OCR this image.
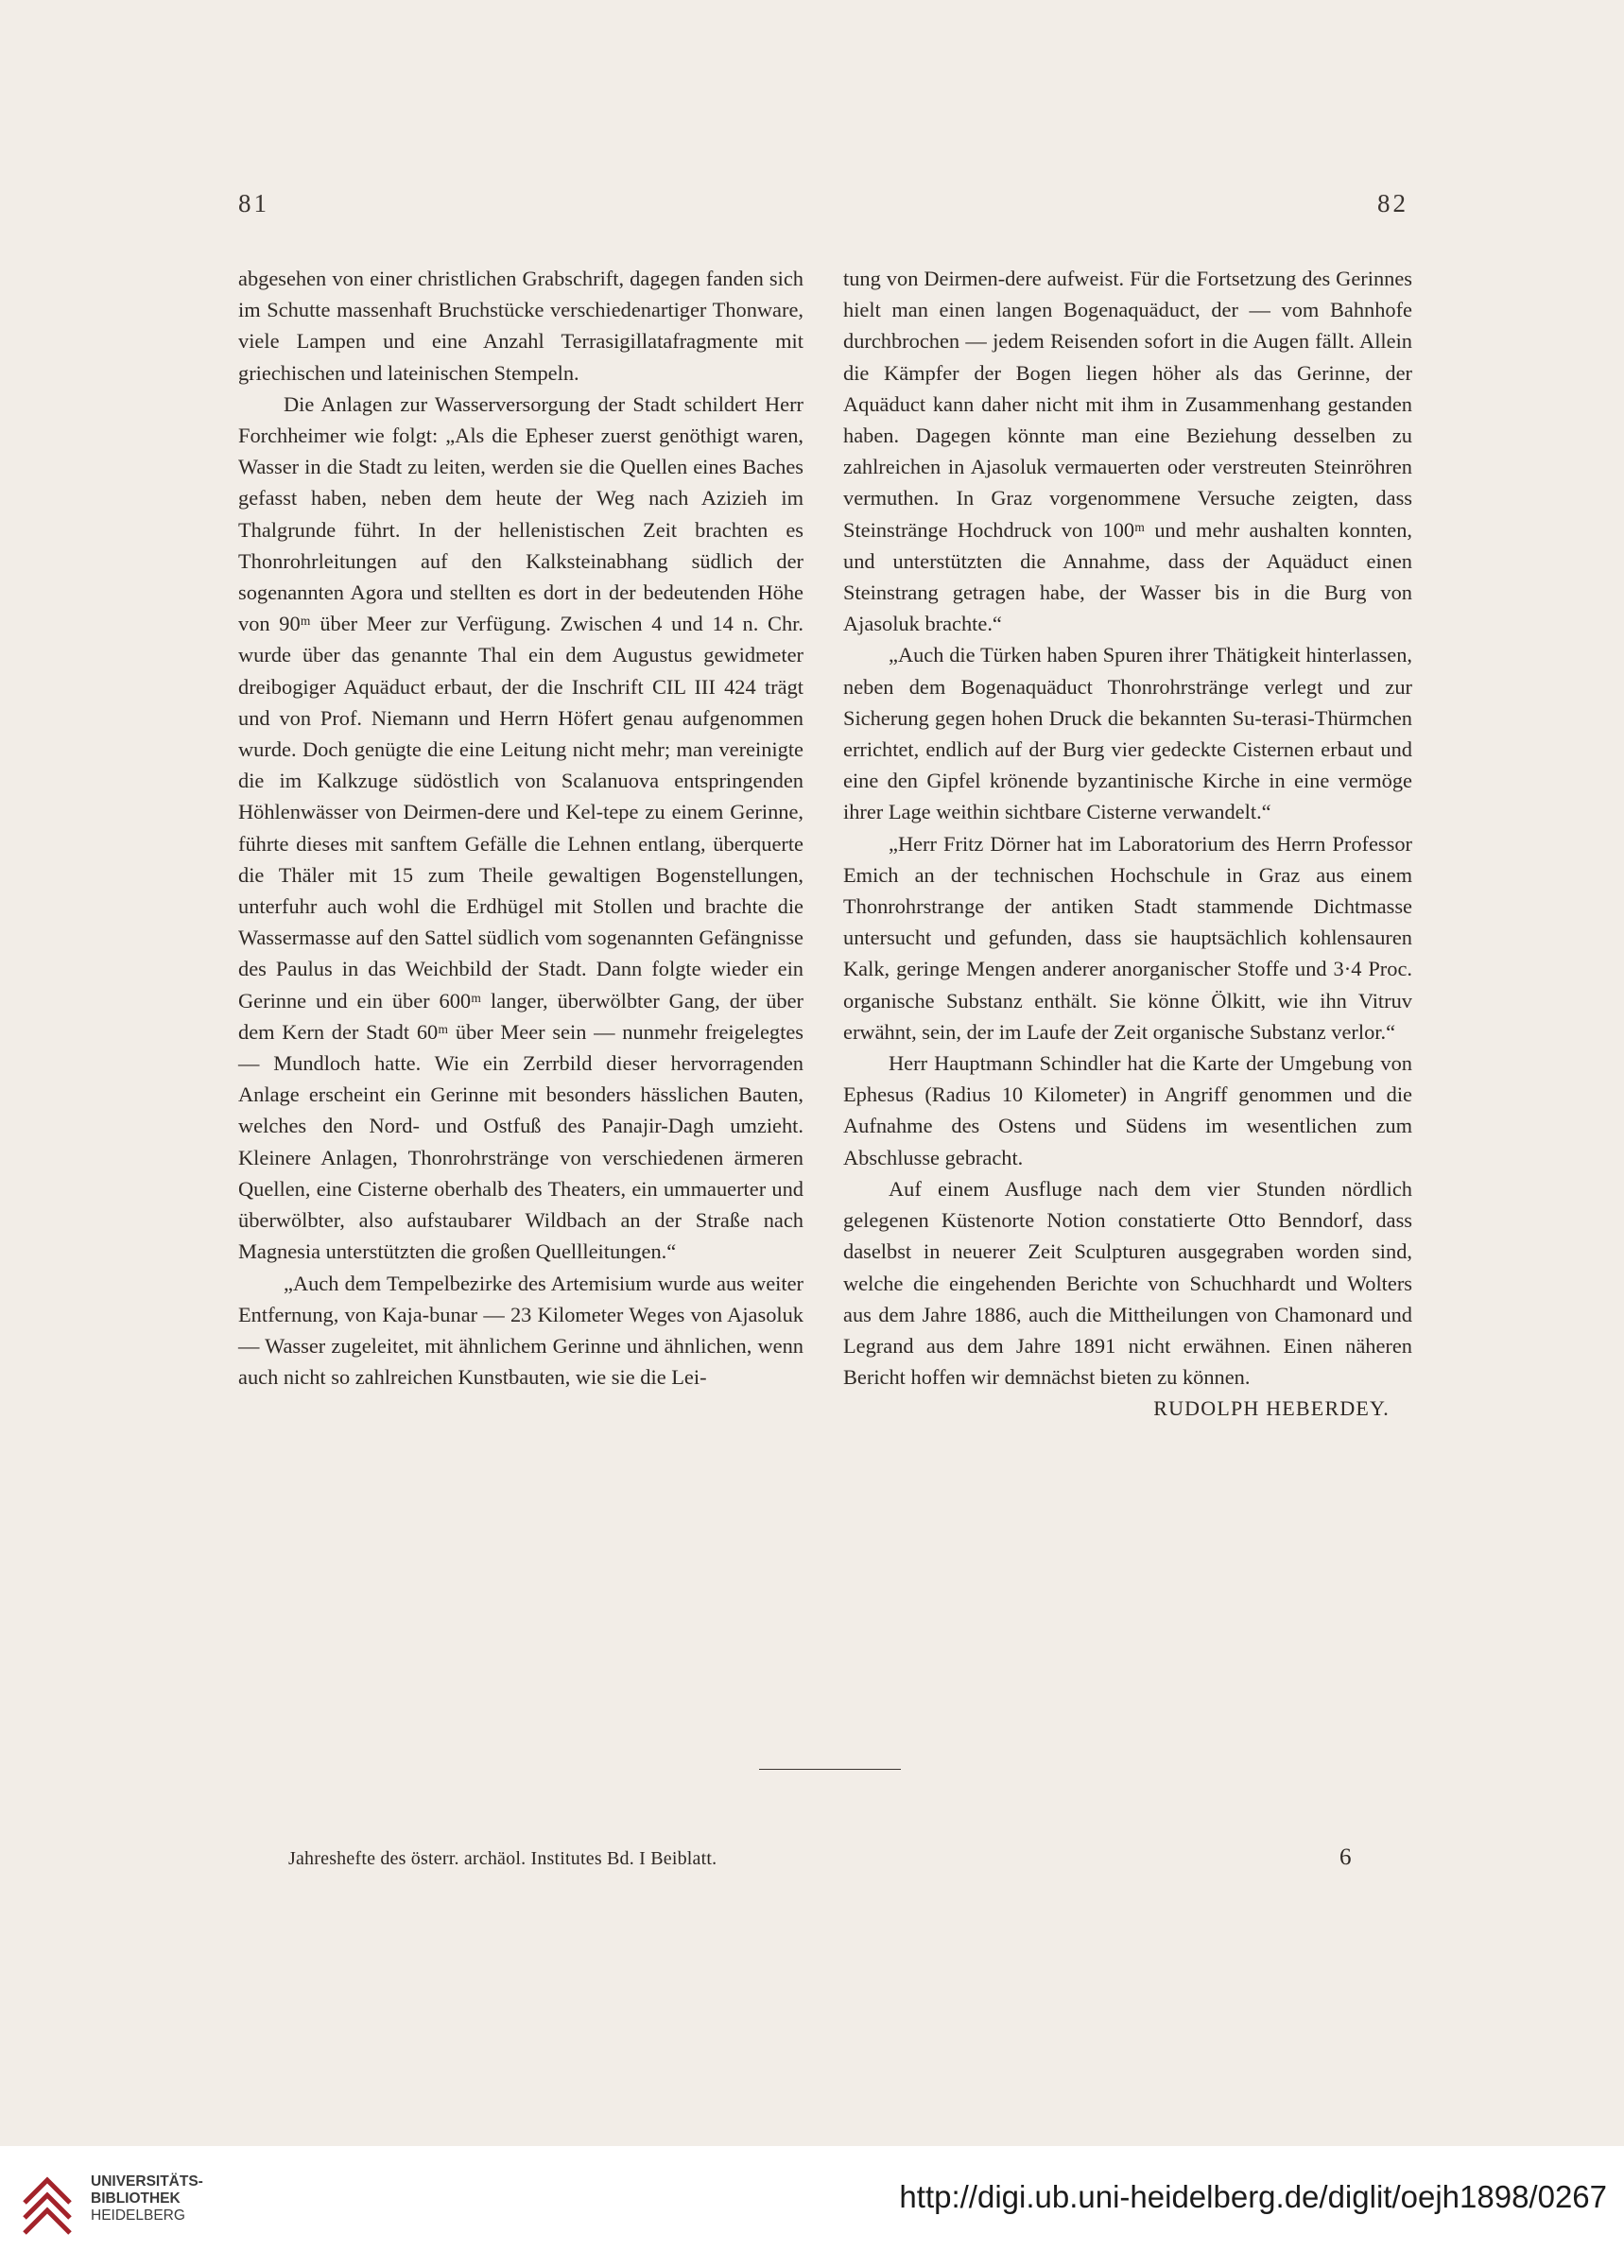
81	82

abgesehen von einer christlichen Grabschrift, dagegen fanden sich im Schutte massenhaft Bruchstücke verschiedenartiger Thonware, viele Lampen und eine Anzahl Terrasigillatafragmente mit griechischen und lateinischen Stempeln.

Die Anlagen zur Wasserversorgung der Stadt schildert Herr Forchheimer wie folgt: „Als die Epheser zuerst genöthigt waren, Wasser in die Stadt zu leiten, werden sie die Quellen eines Baches gefasst haben, neben dem heute der Weg nach Azizieh im Thalgrunde führt. In der hellenistischen Zeit brachten es Thonrohrleitungen auf den Kalksteinabhang südlich der sogenannten Agora und stellten es dort in der bedeutenden Höhe von 90ᵐ über Meer zur Verfügung. Zwischen 4 und 14 n. Chr. wurde über das genannte Thal ein dem Augustus gewidmeter dreibogiger Aquäduct erbaut, der die Inschrift CIL III 424 trägt und von Prof. Niemann und Herrn Höfert genau aufgenommen wurde. Doch genügte die eine Leitung nicht mehr; man vereinigte die im Kalkzuge südöstlich von Scalanuova entspringenden Höhlenwässer von Deirmen-dere und Kel-tepe zu einem Gerinne, führte dieses mit sanftem Gefälle die Lehnen entlang, überquerte die Thäler mit 15 zum Theile gewaltigen Bogenstellungen, unterfuhr auch wohl die Erdhügel mit Stollen und brachte die Wassermasse auf den Sattel südlich vom sogenannten Gefängnisse des Paulus in das Weichbild der Stadt. Dann folgte wieder ein Gerinne und ein über 600ᵐ langer, überwölbter Gang, der über dem Kern der Stadt 60ᵐ über Meer sein — nunmehr freigelegtes — Mundloch hatte. Wie ein Zerrbild dieser hervorragenden Anlage erscheint ein Gerinne mit besonders hässlichen Bauten, welches den Nord- und Ostfuß des Panajir-Dagh umzieht. Kleinere Anlagen, Thonrohrstränge von verschiedenen ärmeren Quellen, eine Cisterne oberhalb des Theaters, ein ummauerter und überwölbter, also aufstaubarer Wildbach an der Straße nach Magnesia unterstützten die großen Quellleitungen.“

„Auch dem Tempelbezirke des Artemisium wurde aus weiter Entfernung, von Kaja-bunar — 23 Kilometer Weges von Ajasoluk — Wasser zugeleitet, mit ähnlichem Gerinne und ähnlichen, wenn auch nicht so zahlreichen Kunstbauten, wie sie die Lei-

tung von Deirmen-dere aufweist. Für die Fortsetzung des Gerinnes hielt man einen langen Bogenaquäduct, der — vom Bahnhofe durchbrochen — jedem Reisenden sofort in die Augen fällt. Allein die Kämpfer der Bogen liegen höher als das Gerinne, der Aquäduct kann daher nicht mit ihm in Zusammenhang gestanden haben. Dagegen könnte man eine Beziehung desselben zu zahlreichen in Ajasoluk vermauerten oder verstreuten Steinröhren vermuthen. In Graz vorgenommene Versuche zeigten, dass Steinstränge Hochdruck von 100ᵐ und mehr aushalten konnten, und unterstützten die Annahme, dass der Aquäduct einen Steinstrang getragen habe, der Wasser bis in die Burg von Ajasoluk brachte.“

„Auch die Türken haben Spuren ihrer Thätigkeit hinterlassen, neben dem Bogenaquäduct Thonrohrstränge verlegt und zur Sicherung gegen hohen Druck die bekannten Su-terasi-Thürmchen errichtet, endlich auf der Burg vier gedeckte Cisternen erbaut und eine den Gipfel krönende byzantinische Kirche in eine vermöge ihrer Lage weithin sichtbare Cisterne verwandelt.“

„Herr Fritz Dörner hat im Laboratorium des Herrn Professor Emich an der technischen Hochschule in Graz aus einem Thonrohrstrange der antiken Stadt stammende Dichtmasse untersucht und gefunden, dass sie hauptsächlich kohlensauren Kalk, geringe Mengen anderer anorganischer Stoffe und 3·4 Proc. organische Substanz enthält. Sie könne Ölkitt, wie ihn Vitruv erwähnt, sein, der im Laufe der Zeit organische Substanz verlor.“

Herr Hauptmann Schindler hat die Karte der Umgebung von Ephesus (Radius 10 Kilometer) in Angriff genommen und die Aufnahme des Ostens und Südens im wesentlichen zum Abschlusse gebracht.

Auf einem Ausfluge nach dem vier Stunden nördlich gelegenen Küstenorte Notion constatierte Otto Benndorf, dass daselbst in neuerer Zeit Sculpturen ausgegraben worden sind, welche die eingehenden Berichte von Schuchhardt und Wolters aus dem Jahre 1886, auch die Mittheilungen von Chamonard und Legrand aus dem Jahre 1891 nicht erwähnen. Einen näheren Bericht hoffen wir demnächst bieten zu können.

RUDOLPH HEBERDEY.
Jahreshefte des österr. archäol. Institutes Bd. I Beiblatt.	6
UNIVERSITÄTS-
BIBLIOTHEK
HEIDELBERG
http://digi.ub.uni-heidelberg.de/diglit/oejh1898/0267
